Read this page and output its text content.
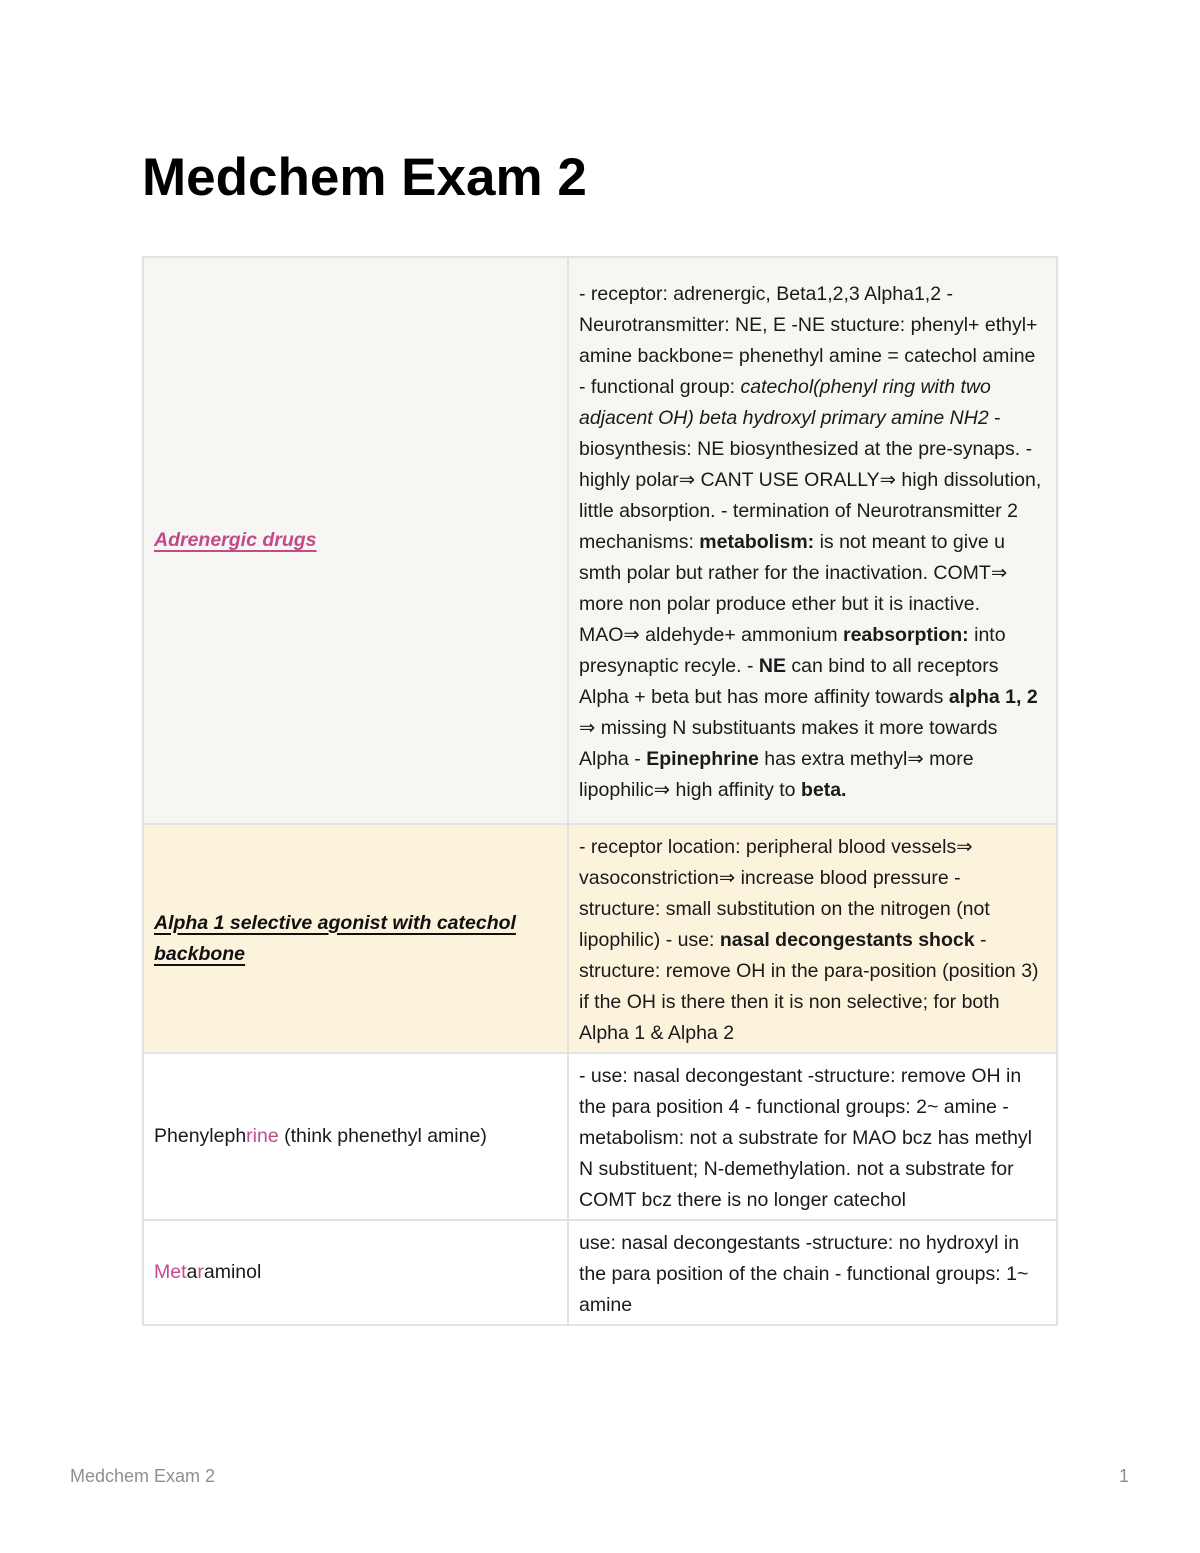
Medchem Exam 2
Adrenergic drugs	- receptor: adrenergic, Beta1,2,3 Alpha1,2 - Neurotransmitter: NE, E -NE stucture: phenyl+ ethyl+ amine backbone= phenethyl amine = catechol amine - functional group: catechol(phenyl ring with two adjacent OH) beta hydroxyl primary amine NH2 - biosynthesis: NE biosynthesized at the pre-synaps. - highly polar⇒ CANT USE ORALLY⇒ high dissolution, little absorption. - termination of Neurotransmitter 2 mechanisms: metabolism: is not meant to give u smth polar but rather for the inactivation. COMT⇒ more non polar produce ether but it is inactive. MAO⇒ aldehyde+ ammonium reabsorption: into presynaptic recyle. - NE can bind to all receptors Alpha + beta but has more affinity towards alpha 1, 2 ⇒ missing N substituants makes it more towards Alpha - Epinephrine has extra methyl⇒ more lipophilic⇒ high affinity to beta.
Alpha 1 selective agonist with catechol backbone	- receptor location: peripheral blood vessels⇒ vasoconstriction⇒ increase blood pressure - structure: small substitution on the nitrogen (not lipophilic) - use: nasal decongestants shock - structure: remove OH in the para-position (position 3) if the OH is there then it is non selective; for both Alpha 1 & Alpha 2
Phenylephrine (think phenethyl amine)	- use: nasal decongestant -structure: remove OH in the para position 4 - functional groups: 2~ amine - metabolism: not a substrate for MAO bcz has methyl N substituent; N-demethylation. not a substrate for COMT bcz there is no longer catechol
Metaraminol	use: nasal decongestants -structure: no hydroxyl in the para position of the chain - functional groups: 1~ amine
Medchem Exam 2	1
